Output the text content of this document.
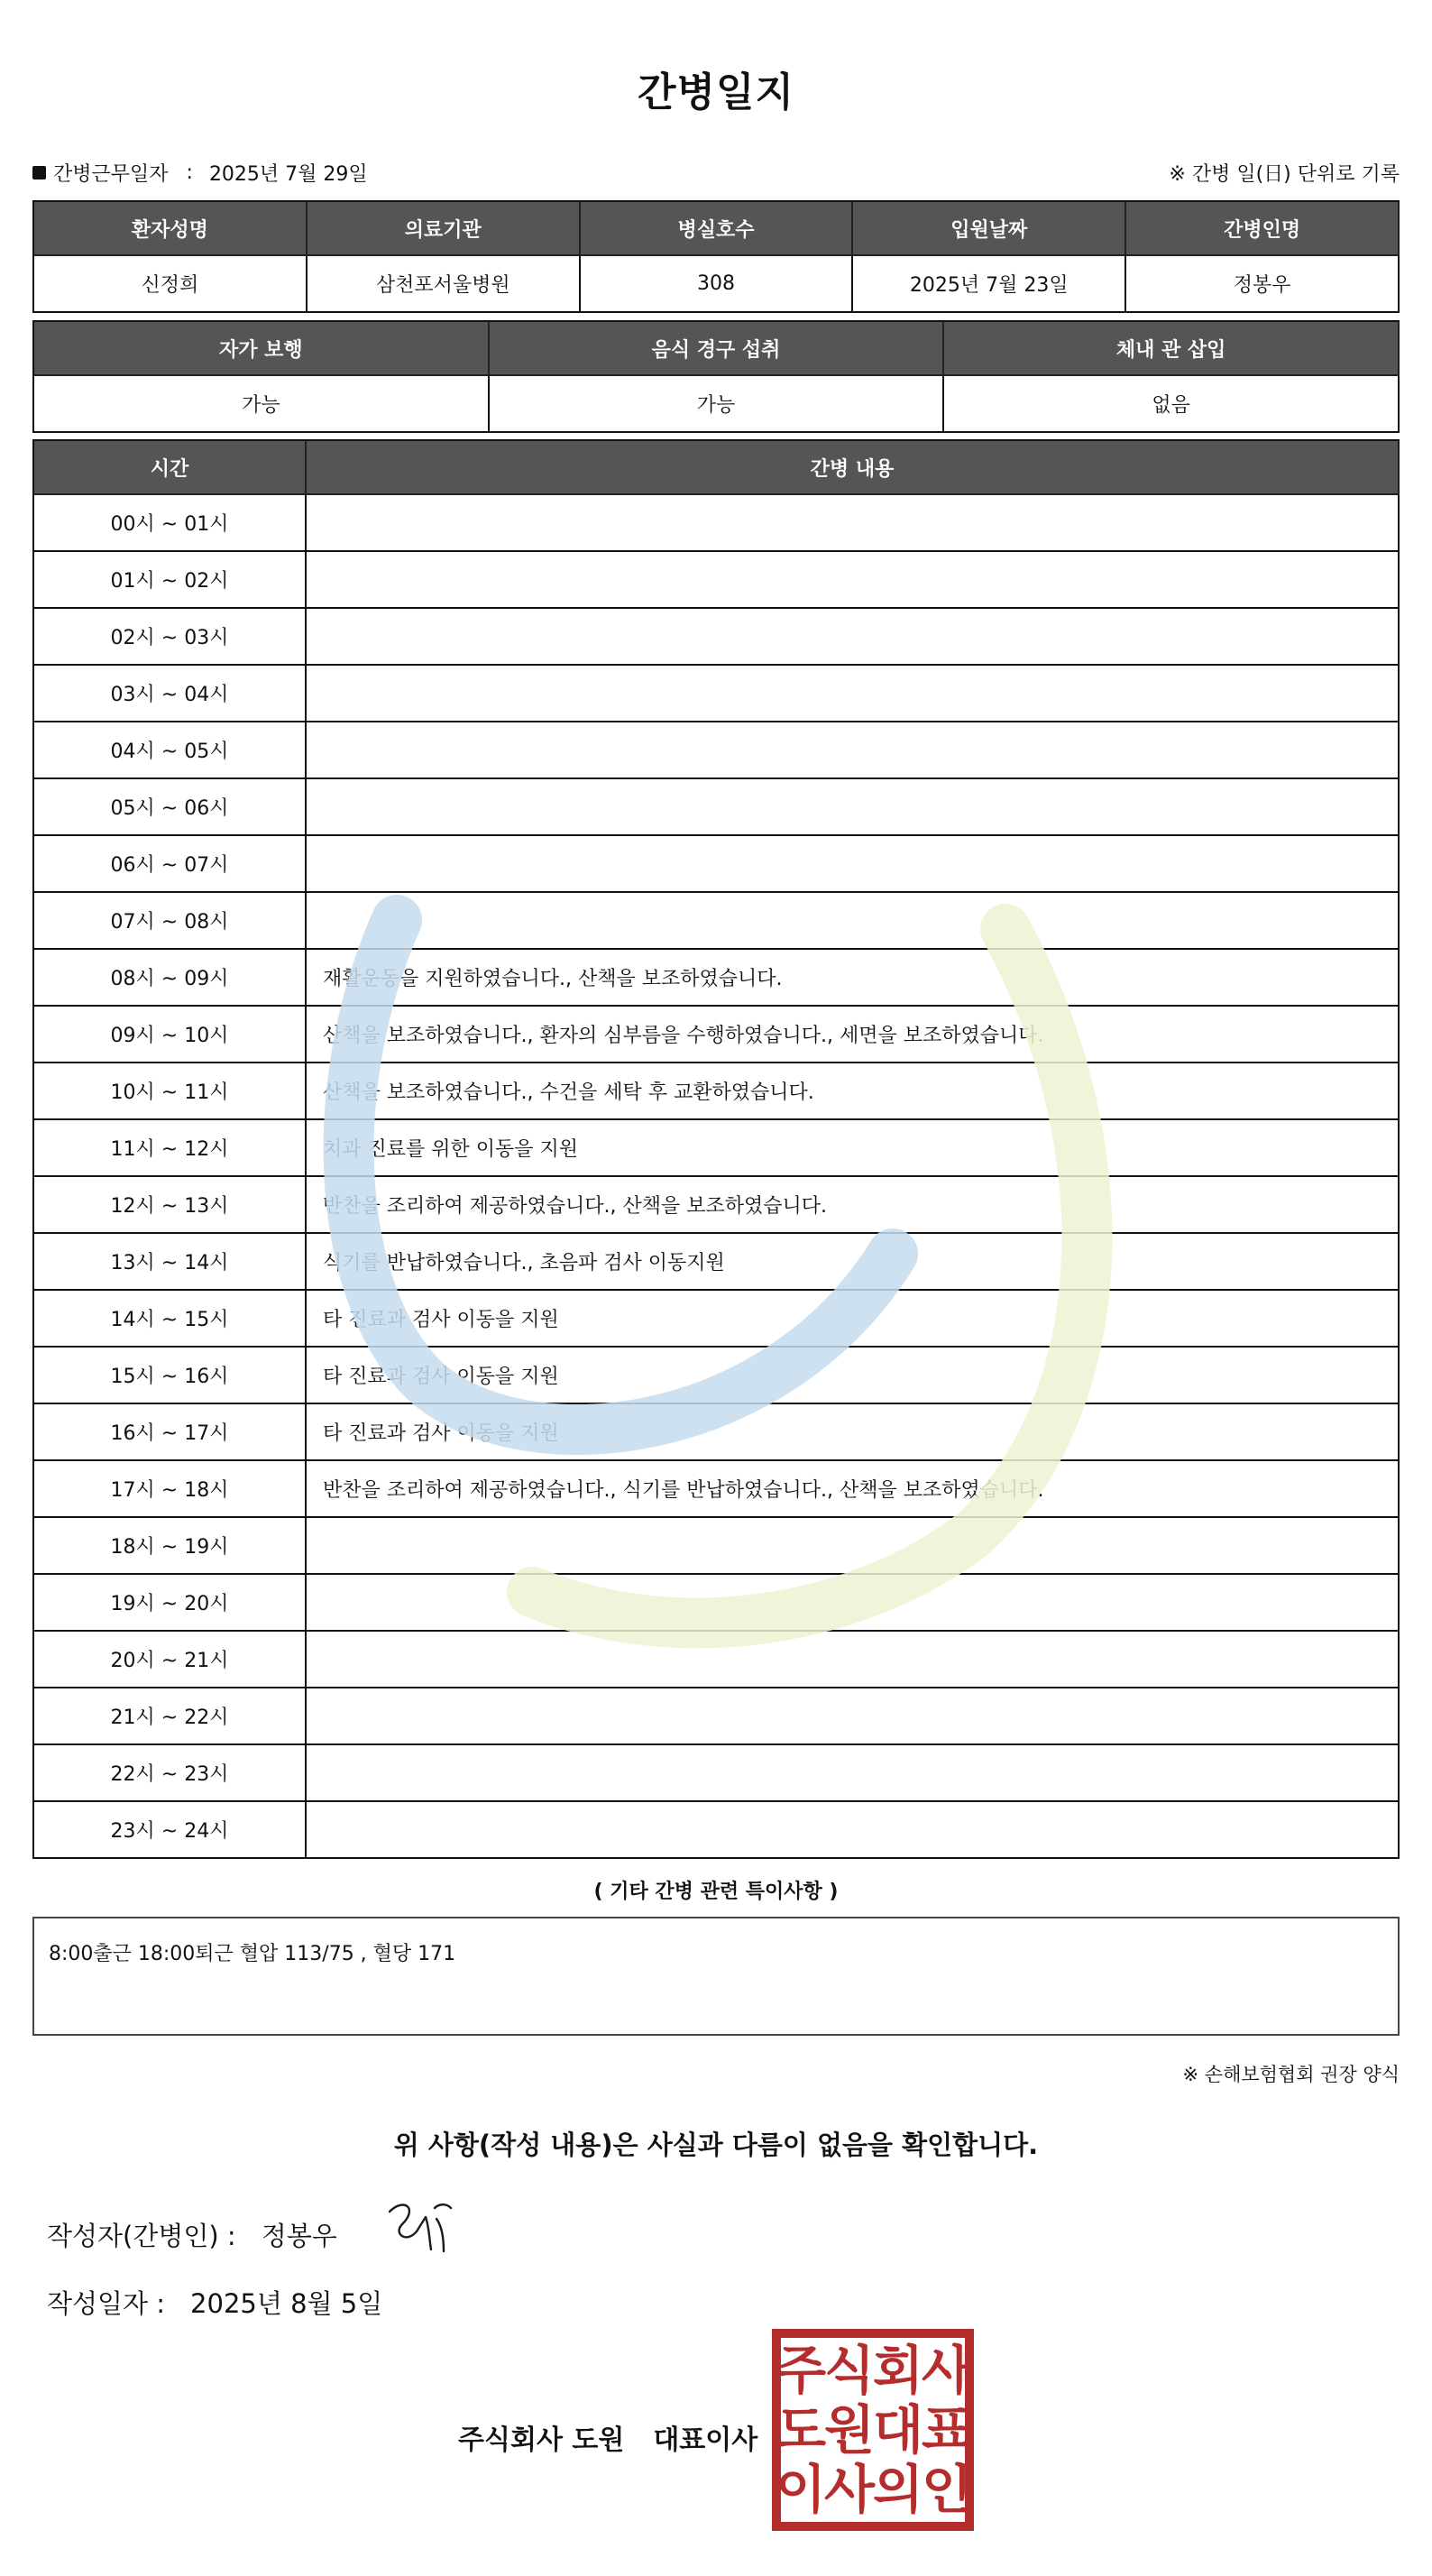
간병일지
간병근무일자 : 2025년 7월 29일	※ 간병 일(日) 단위로 기록
환자성명	의료기관	병실호수	입원날짜	간병인명
신정희	삼천포서울병원	308	2025년 7월 23일	정봉우
자가 보행	음식 경구 섭취	체내 관 삽입
가능	가능	없음
시간	간병 내용
00시 ~ 01시
01시 ~ 02시
02시 ~ 03시
03시 ~ 04시
04시 ~ 05시
05시 ~ 06시
06시 ~ 07시
07시 ~ 08시
08시 ~ 09시	재활운동을 지원하였습니다., 산책을 보조하였습니다.
09시 ~ 10시	산책을 보조하였습니다., 환자의 심부름을 수행하였습니다., 세면을 보조하였습니다.
10시 ~ 11시	산책을 보조하였습니다., 수건을 세탁 후 교환하였습니다.
11시 ~ 12시	치과 진료를 위한 이동을 지원
12시 ~ 13시	반찬을 조리하여 제공하였습니다., 산책을 보조하였습니다.
13시 ~ 14시	식기를 반납하였습니다., 초음파 검사 이동지원
14시 ~ 15시	타 진료과 검사 이동을 지원
15시 ~ 16시	타 진료과 검사 이동을 지원
16시 ~ 17시	타 진료과 검사 이동을 지원
17시 ~ 18시	반찬을 조리하여 제공하였습니다., 식기를 반납하였습니다., 산책을 보조하였습니다.
18시 ~ 19시
19시 ~ 20시
20시 ~ 21시
21시 ~ 22시
22시 ~ 23시
23시 ~ 24시
( 기타 간병 관련 특이사항 )
8:00출근 18:00퇴근 혈압 113/75 , 혈당 171
※ 손해보험협회 권장 양식
위 사항(작성 내용)은 사실과 다름이 없음을 확인합니다.
작성자(간병인) : 정봉우
작성일자 : 2025년 8월 5일
주식회사 도원 대표이사
주식회사
도원대표
이사의인
